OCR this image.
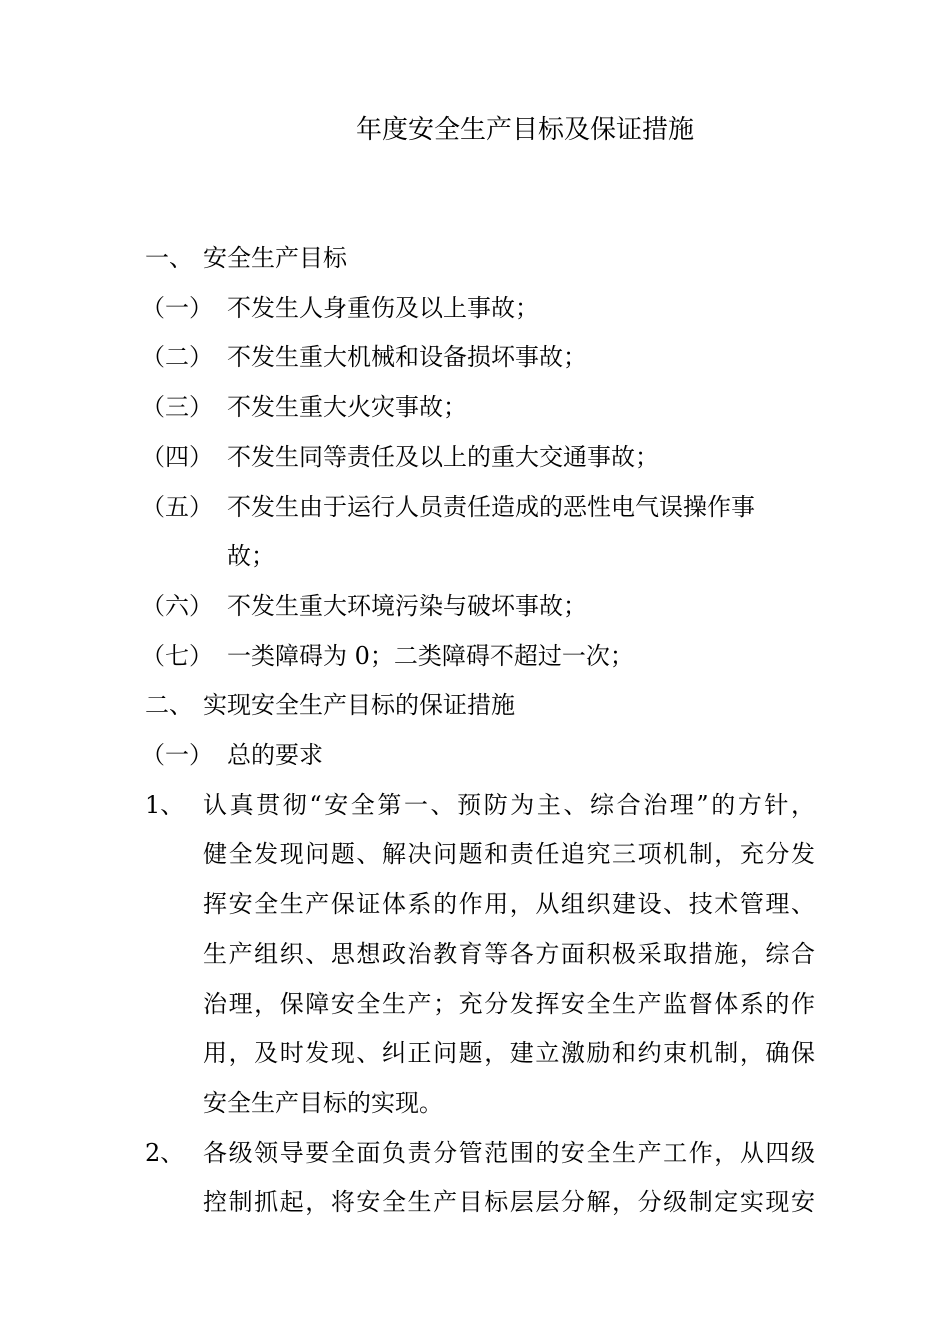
年度安全生产目标及保证措施
一、 安全生产目标
（一） 不发生人身重伤及以上事故；
（二） 不发生重大机械和设备损坏事故；
（三） 不发生重大火灾事故；
（四） 不发生同等责任及以上的重大交通事故；
（五） 不发生由于运行人员责任造成的恶性电气误操作事
故；
（六） 不发生重大环境污染与破坏事故；
（七） 一类障碍为 0；二类障碍不超过一次；
二、 实现安全生产目标的保证措施
（一） 总的要求
1、 认真贯彻“安全第一、预防为主、综合治理”的方针，
健全发现问题、解决问题和责任追究三项机制，充分发
挥安全生产保证体系的作用，从组织建设、技术管理、
生产组织、思想政治教育等各方面积极采取措施，综合
治理，保障安全生产；充分发挥安全生产监督体系的作
用，及时发现、纠正问题，建立激励和约束机制，确保
安全生产目标的实现。
2、 各级领导要全面负责分管范围的安全生产工作，从四级
控制抓起，将安全生产目标层层分解，分级制定实现安
